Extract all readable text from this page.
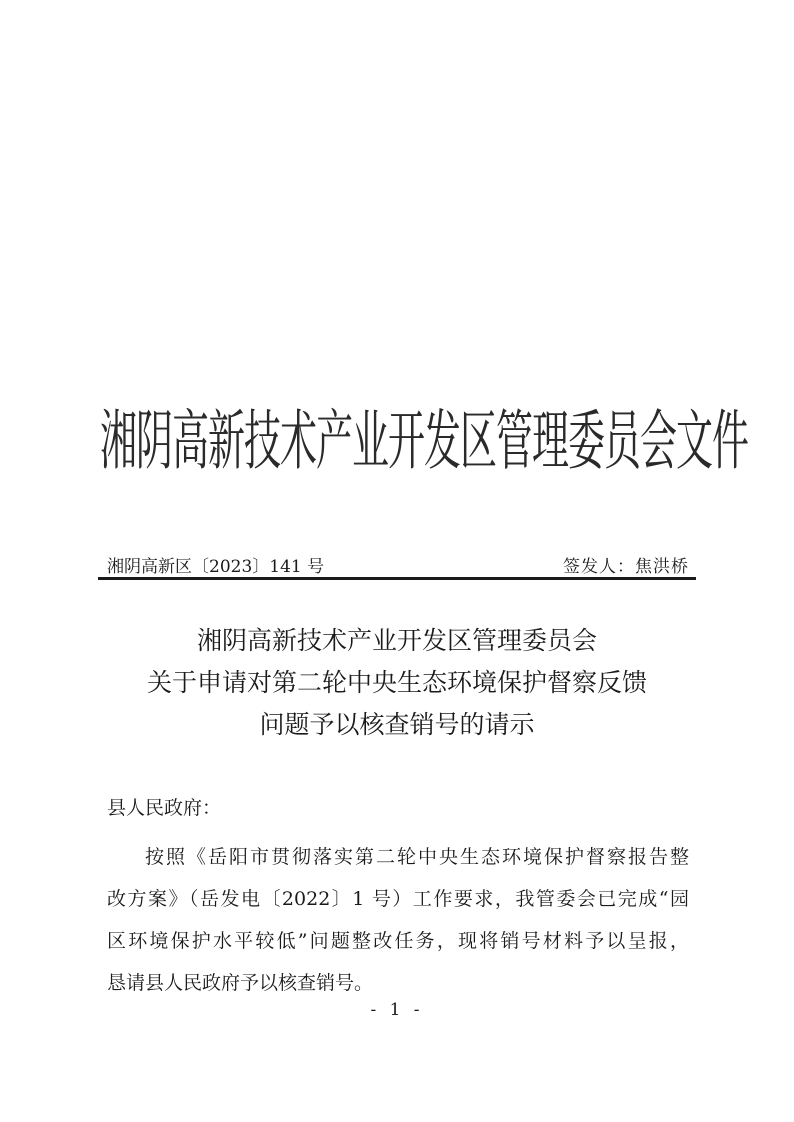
湘阴高新技术产业开发区管理委员会文件
湘阴高新区〔2023〕141 号	签发人：焦洪桥
湘阴高新技术产业开发区管理委员会
关于申请对第二轮中央生态环境保护督察反馈
问题予以核查销号的请示
县人民政府：
按照《岳阳市贯彻落实第二轮中央生态环境保护督察报告整
改方案》（岳发电〔2022〕1 号）工作要求，我管委会已完成“园
区环境保护水平较低”问题整改任务，现将销号材料予以呈报，
恳请县人民政府予以核查销号。
- 1 -
